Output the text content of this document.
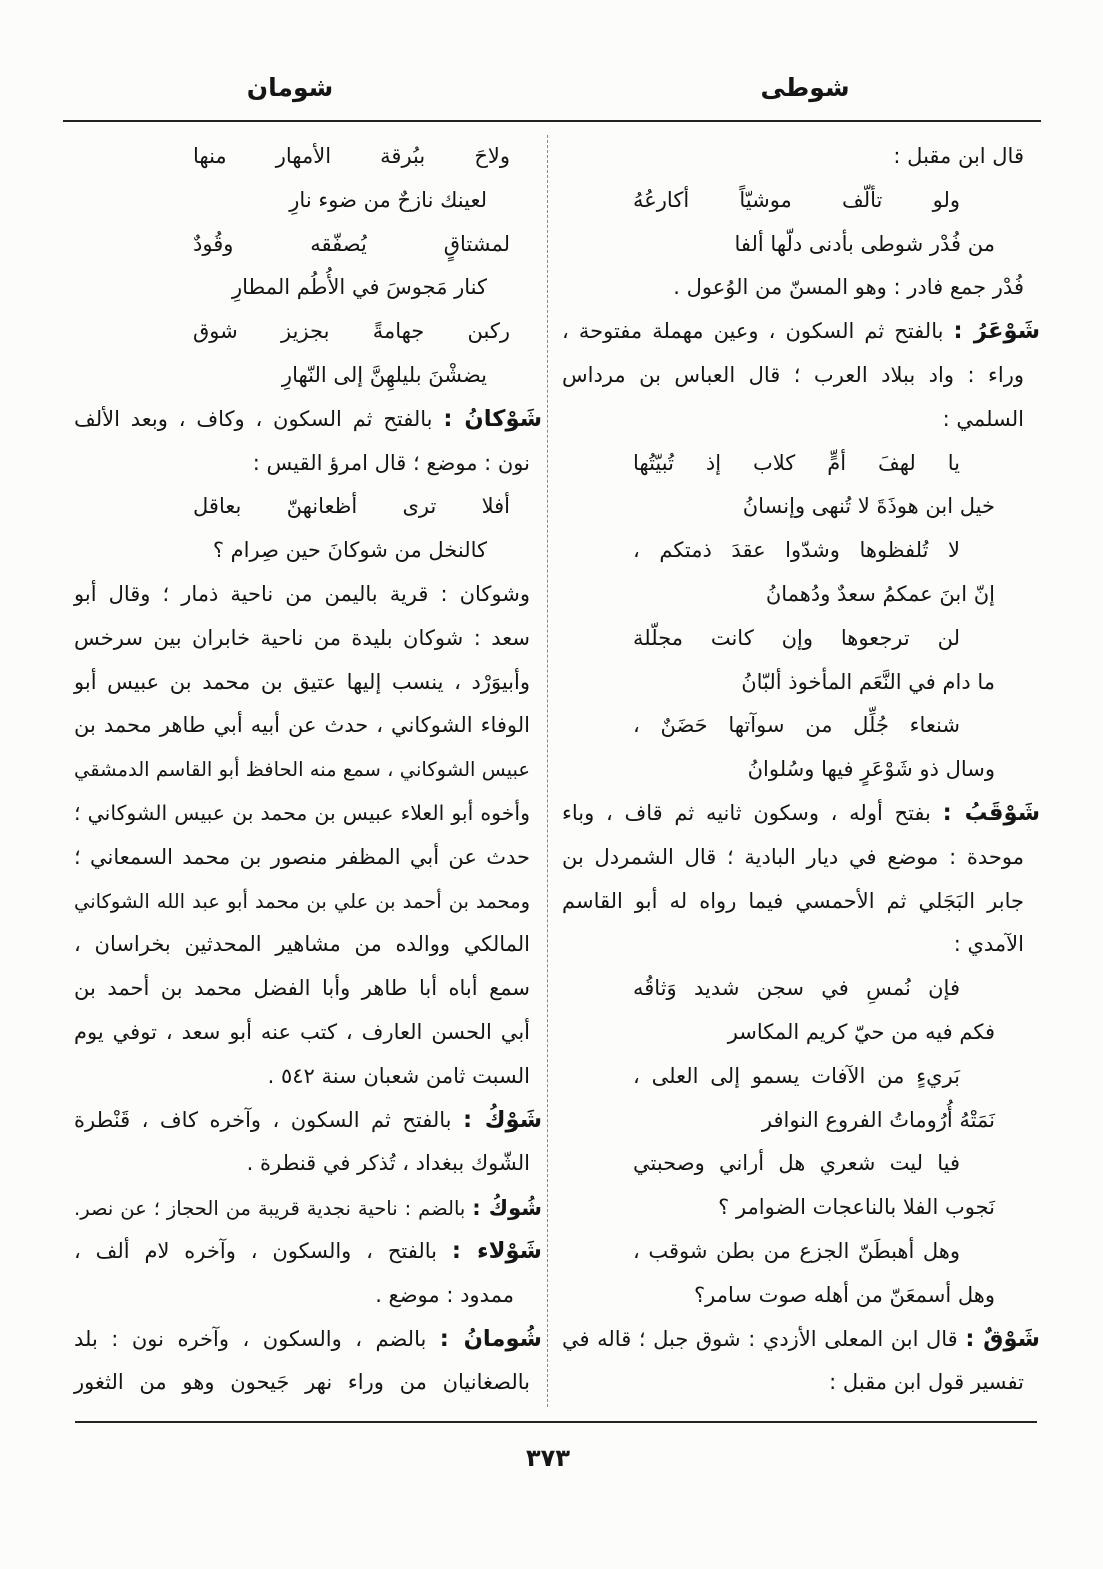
شوطى
شومان
قال ابن مقبل :
ولو تألّف موشيّاً أكارعُهُ
من فُدْر شوطى بأدنى دلّها ألفا
فُدْر جمع فادر : وهو المسنّ من الوُعول .
شَوْعَرُ : بالفتح ثم السكون ، وعين مهملة مفتوحة ،
وراء : واد ببلاد العرب ؛ قال العباس بن مرداس
السلمي :
يا لهفَ أمٍّ كلاب إذ تُبيّتُها
خيل ابن هوذَةَ لا تُنهى وإنسانُ
لا تُلفظوها وشدّوا عقدَ ذمتكم ،
إنّ ابنَ عمكمُ سعدٌ ودُهمانُ
لن ترجعوها وإن كانت مجلّلة
ما دام في النَّعَم المأخوذ ألبّانُ
شنعاء جُلِّل من سوآتها حَضَنٌ ،
وسال ذو شَوْعَرٍ فيها وسُلوانُ
شَوْقَبُ : بفتح أوله ، وسكون ثانيه ثم قاف ، وباء
موحدة : موضع في ديار البادية ؛ قال الشمردل بن
جابر البَجَلي ثم الأحمسي فيما رواه له أبو القاسم
الآمدي :
فإن نُمسِ في سجن شديد وَثاقُه
فكم فيه من حيّ كريم المكاسر
بَريءٍ من الآفات يسمو إلى العلى ،
نَمَتْهُ أُرُوماتُ الفروع النوافر
فيا ليت شعري هل أراني وصحبتي
نَجوب الفلا بالناعجات الضوامر ؟
وهل أهبطَنّ الجزع من بطن شوقب ،
وهل أسمعَنّ من أهله صوت سامر؟
شَوْقٌ : قال ابن المعلى الأزدي : شوق جبل ؛ قاله في
تفسير قول ابن مقبل :
ولاحَ ببُرقة الأمهار منها
لعينك نازحٌ من ضوء نارِ
لمشتاقٍ يُصفّقه وقُودٌ
كنار مَجوسَ في الأُطُم المطارِ
ركبن جهامةً بجزيز شوق
يضشْنَ بليلهِنَّ إلى النّهارِ
شَوْكانُ : بالفتح ثم السكون ، وكاف ، وبعد الألف
نون : موضع ؛ قال امرؤ القيس :
أفلا ترى أظعانهنّ بعاقل
كالنخل من شوكانَ حين صِرام ؟
وشوكان : قرية باليمن من ناحية ذمار ؛ وقال أبو
سعد : شوكان بليدة من ناحية خابران بين سرخس
وأبيوَرْد ، ينسب إليها عتيق بن محمد بن عبيس أبو
الوفاء الشوكاني ، حدث عن أبيه أبي طاهر محمد بن
عبيس الشوكاني ، سمع منه الحافظ أبو القاسم الدمشقي
وأخوه أبو العلاء عبيس بن محمد بن عبيس الشوكاني ؛
حدث عن أبي المظفر منصور بن محمد السمعاني ؛
ومحمد بن أحمد بن علي بن محمد أبو عبد الله الشوكاني
المالكي ووالده من مشاهير المحدثين بخراسان ،
سمع أباه أبا طاهر وأبا الفضل محمد بن أحمد بن
أبي الحسن العارف ، كتب عنه أبو سعد ، توفي يوم
السبت ثامن شعبان سنة ٥٤٢ .
شَوْكُ : بالفتح ثم السكون ، وآخره كاف ، قَنْطرة
الشّوك ببغداد ، تُذكر في قنطرة .
شُوكُ : بالضم : ناحية نجدية قريبة من الحجاز ؛ عن نصر.
شَوْلاء : بالفتح ، والسكون ، وآخره لام ألف ،
ممدود : موضع .
شُومانُ : بالضم ، والسكون ، وآخره نون : بلد
بالصغانيان من وراء نهر جَيحون وهو من الثغور
٣٧٣
